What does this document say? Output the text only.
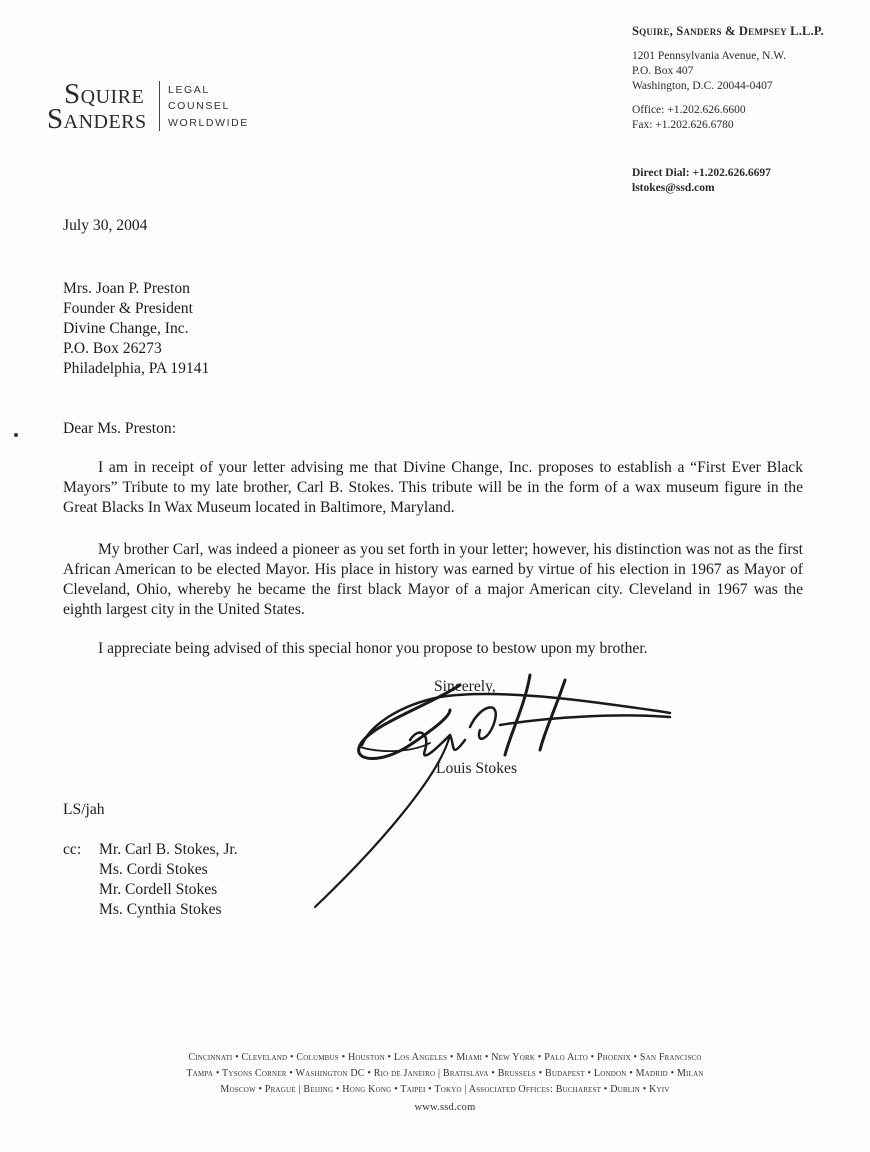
Squire
Sanders
LEGAL
COUNSEL
WORLDWIDE
Squire, Sanders & Dempsey L.L.P.
1201 Pennsylvania Avenue, N.W.
P.O. Box 407
Washington, D.C. 20044-0407
Office: +1.202.626.6600
Fax: +1.202.626.6780
Direct Dial: +1.202.626.6697
lstokes@ssd.com
July 30, 2004
Mrs. Joan P. Preston
Founder & President
Divine Change, Inc.
P.O. Box 26273
Philadelphia, PA 19141
Dear Ms. Preston:
I am in receipt of your letter advising me that Divine Change, Inc. proposes to establish a “First Ever Black Mayors” Tribute to my late brother, Carl B. Stokes. This tribute will be in the form of a wax museum figure in the Great Blacks In Wax Museum located in Baltimore, Maryland.
My brother Carl, was indeed a pioneer as you set forth in your letter; however, his distinction was not as the first African American to be elected Mayor. His place in history was earned by virtue of his election in 1967 as Mayor of Cleveland, Ohio, whereby he became the first black Mayor of a major American city. Cleveland in 1967 was the eighth largest city in the United States.
I appreciate being advised of this special honor you propose to bestow upon my brother.
Sincerely,
Louis Stokes
LS/jah
cc: Mr. Carl B. Stokes, Jr.
Ms. Cordi Stokes
Mr. Cordell Stokes
Ms. Cynthia Stokes
Cincinnati • Cleveland • Columbus • Houston • Los Angeles • Miami • New York • Palo Alto • Phoenix • San Francisco
Tampa • Tysons Corner • Washington DC • Rio de Janeiro | Bratislava • Brussels • Budapest • London • Madrid • Milan
Moscow • Prague | Beijing • Hong Kong • Taipei • Tokyo | Associated Offices: Bucharest • Dublin • Kyiv
www.ssd.com
